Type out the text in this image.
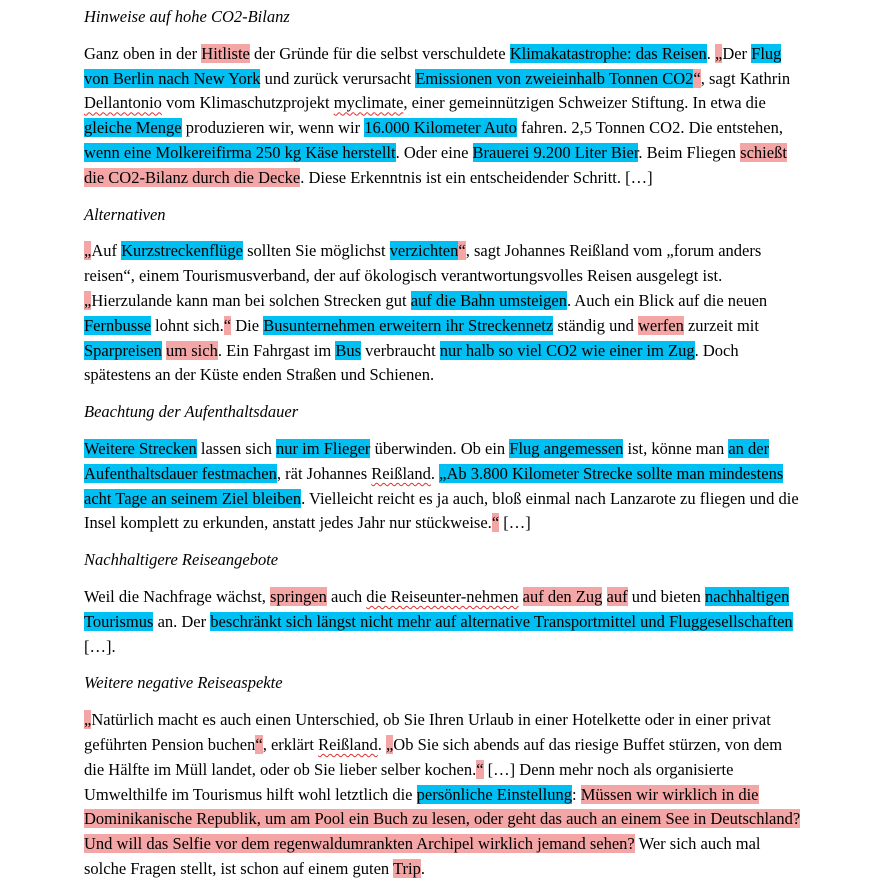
Hinweise auf hohe CO2-Bilanz
Ganz oben in der Hitliste der Gründe für die selbst verschuldete Klimakatastrophe: das Reisen. „Der Flug von Berlin nach New York und zurück verursacht Emissionen von zweieinhalb Tonnen CO2“, sagt Kathrin Dellantonio vom Klimaschutzprojekt myclimate, einer gemeinnützigen Schweizer Stiftung. In etwa die gleiche Menge produzieren wir, wenn wir 16.000 Kilometer Auto fahren. 2,5 Tonnen CO2. Die entstehen, wenn eine Molkereifirma 250 kg Käse herstellt. Oder eine Brauerei 9.200 Liter Bier. Beim Fliegen schießt die CO2-Bilanz durch die Decke. Diese Erkenntnis ist ein entscheidender Schritt. […]
Alternativen
„Auf Kurzstreckenflüge sollten Sie möglichst verzichten“, sagt Johannes Reißland vom „forum anders reisen“, einem Tourismusverband, der auf ökologisch verantwortungsvolles Reisen ausgelegt ist. „Hierzulande kann man bei solchen Strecken gut auf die Bahn umsteigen. Auch ein Blick auf die neuen Fernbusse lohnt sich.“ Die Busunternehmen erweitern ihr Streckennetz ständig und werfen zurzeit mit Sparpreisen um sich. Ein Fahrgast im Bus verbraucht nur halb so viel CO2 wie einer im Zug. Doch spätestens an der Küste enden Straßen und Schienen.
Beachtung der Aufenthaltsdauer
Weitere Strecken lassen sich nur im Flieger überwinden. Ob ein Flug angemessen ist, könne man an der Aufenthaltsdauer festmachen, rät Johannes Reißland. „Ab 3.800 Kilometer Strecke sollte man mindestens acht Tage an seinem Ziel bleiben. Vielleicht reicht es ja auch, bloß einmal nach Lanzarote zu fliegen und die Insel komplett zu erkunden, anstatt jedes Jahr nur stückweise.“ […]
Nachhaltigere Reiseangebote
Weil die Nachfrage wächst, springen auch die Reiseunter-nehmen auf den Zug auf und bieten nachhaltigen Tourismus an. Der beschränkt sich längst nicht mehr auf alternative Transportmittel und Fluggesellschaften […].
Weitere negative Reiseaspekte
„Natürlich macht es auch einen Unterschied, ob Sie Ihren Urlaub in einer Hotelkette oder in einer privat geführten Pension buchen“, erklärt Reißland. „Ob Sie sich abends auf das riesige Buffet stürzen, von dem die Hälfte im Müll landet, oder ob Sie lieber selber kochen.“ […] Denn mehr noch als organisierte Umwelthilfe im Tourismus hilft wohl letztlich die persönliche Einstellung: Müssen wir wirklich in die Dominikanische Republik, um am Pool ein Buch zu lesen, oder geht das auch an einem See in Deutschland? Und will das Selfie vor dem regenwaldumrankten Archipel wirklich jemand sehen? Wer sich auch mal solche Fragen stellt, ist schon auf einem guten Trip.
